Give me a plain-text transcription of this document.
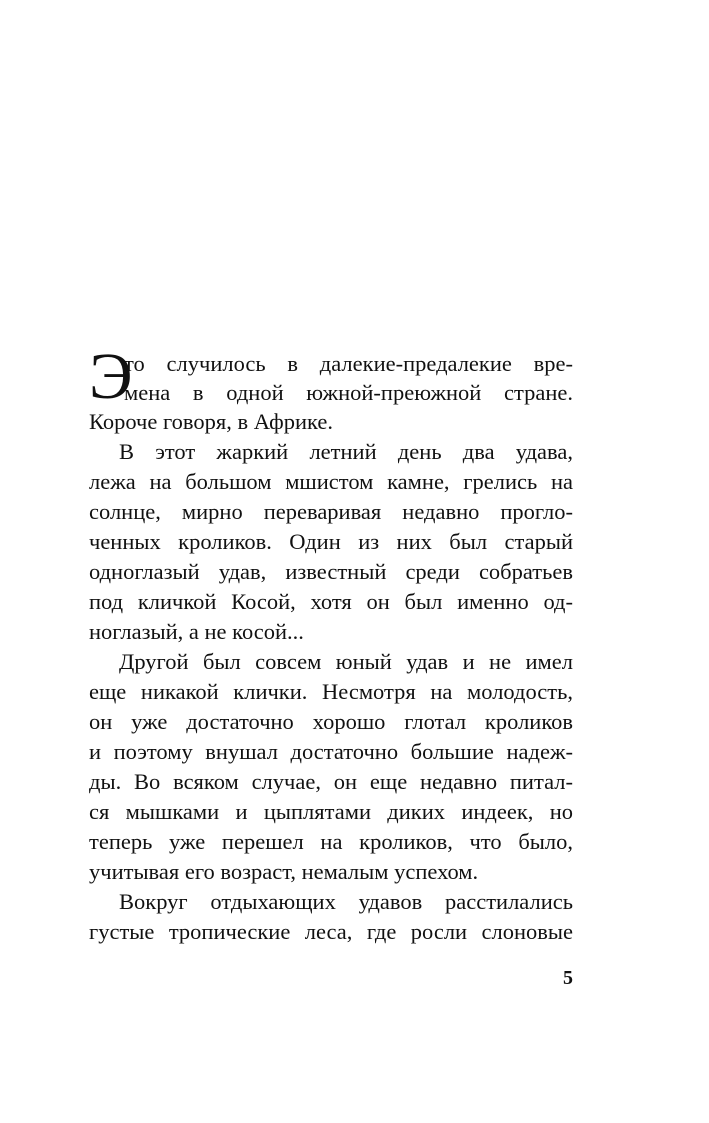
Э
то случилось в далекие-предалекие вре-
мена в одной южной-преюжной стране.
Короче говоря, в Африке.
В этот жаркий летний день два удава,
лежа на большом мшистом камне, грелись на
солнце, мирно переваривая недавно прогло-
ченных кроликов. Один из них был старый
одноглазый удав, известный среди собратьев
под кличкой Косой, хотя он был именно од-
ноглазый, а не косой...
Другой был совсем юный удав и не имел
еще никакой клички. Несмотря на молодость,
он уже достаточно хорошо глотал кроликов
и поэтому внушал достаточно большие надеж-
ды. Во всяком случае, он еще недавно питал-
ся мышками и цыплятами диких индеек, но
теперь уже перешел на кроликов, что было,
учитывая его возраст, немалым успехом.
Вокруг отдыхающих удавов расстилались
густые тропические леса, где росли слоновые
5
